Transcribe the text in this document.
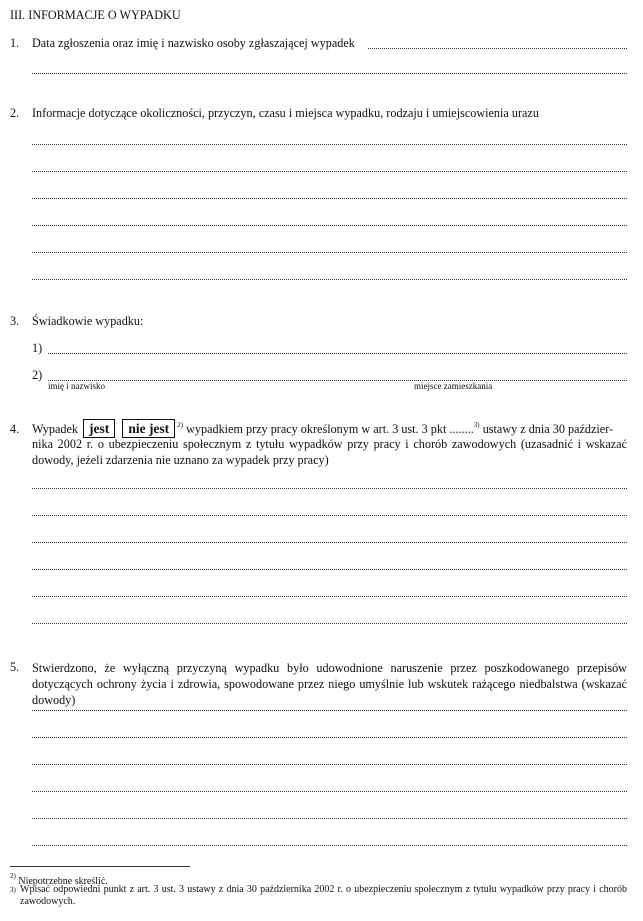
III. INFORMACJE O WYPADKU
1. Data zgłoszenia oraz imię i nazwisko osoby zgłaszającej wypadek
2. Informacje dotyczące okoliczności, przyczyn, czasu i miejsca wypadku, rodzaju i umiejscowienia urazu
3. Świadkowie wypadku:
1)
2)
imię i nazwisko	miejsce zamieszkania
4. Wypadek jest nie jest $^{2)}$ wypadkiem przy pracy określonym w art. 3 ust. 3 pkt ........$^{3)}$ ustawy z dnia 30 paździer-
nika 2002 r. o ubezpieczeniu społecznym z tytułu wypadków przy pracy i chorób zawodowych (uzasadnić i wskazać dowody, jeżeli zdarzenia nie uznano za wypadek przy pracy)
5. Stwierdzono, że wyłączną przyczyną wypadku było udowodnione naruszenie przez poszkodowanego przepisów dotyczących ochrony życia i zdrowia, spowodowane przez niego umyślnie lub wskutek rażącego niedbalstwa (wskazać dowody)
$^{2)}$ Niepotrzebne skreślić.
$^{3)}$ Wpisać odpowiedni punkt z art. 3 ust. 3 ustawy z dnia 30 października 2002 r. o ubezpieczeniu społecznym z tytułu wypadków przy pracy i chorób zawodowych.
